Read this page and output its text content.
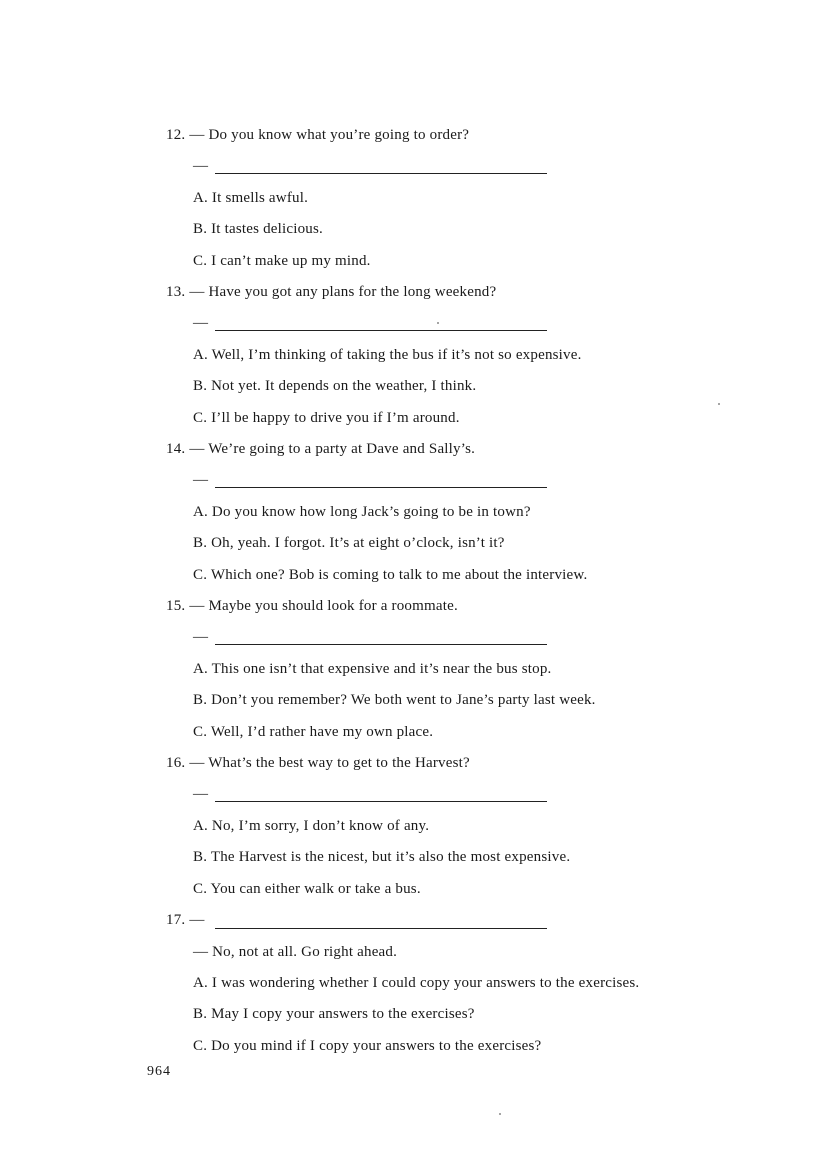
12. — Do you know what you’re going to order?
—
A. It smells awful.
B. It tastes delicious.
C. I can’t make up my mind.
13. — Have you got any plans for the long weekend?
—
A. Well, I’m thinking of taking the bus if it’s not so expensive.
B. Not yet. It depends on the weather, I think.
C. I’ll be happy to drive you if I’m around.
14. — We’re going to a party at Dave and Sally’s.
—
A. Do you know how long Jack’s going to be in town?
B. Oh, yeah. I forgot. It’s at eight o’clock, isn’t it?
C. Which one? Bob is coming to talk to me about the interview.
15. — Maybe you should look for a roommate.
—
A. This one isn’t that expensive and it’s near the bus stop.
B. Don’t you remember? We both went to Jane’s party last week.
C. Well, I’d rather have my own place.
16. — What’s the best way to get to the Harvest?
—
A. No, I’m sorry, I don’t know of any.
B. The Harvest is the nicest, but it’s also the most expensive.
C. You can either walk or take a bus.
17. —
— No, not at all. Go right ahead.
A. I was wondering whether I could copy your answers to the exercises.
B. May I copy your answers to the exercises?
C. Do you mind if I copy your answers to the exercises?
964
